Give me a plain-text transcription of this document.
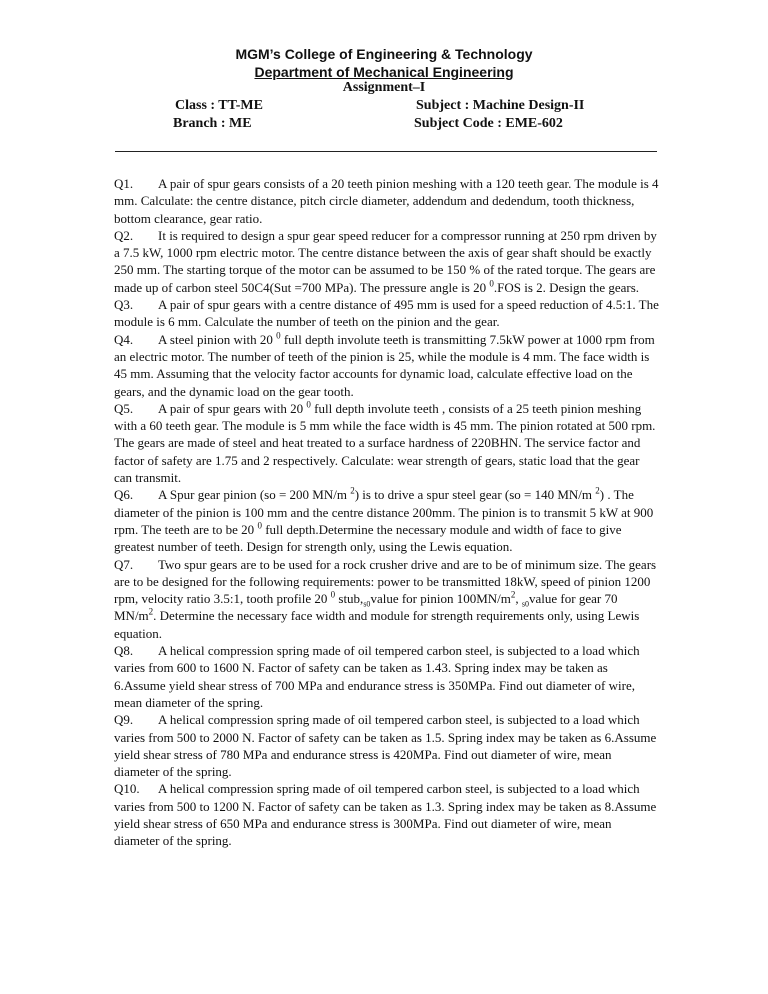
MGM’s College of Engineering & Technology
Department of Mechanical Engineering
Assignment–I
Class : TT-ME	Subject : Machine Design-II
Branch : ME	Subject Code : EME-602

Q1. A pair of spur gears consists of a 20 teeth pinion meshing with a 120 teeth gear. The module is 4 mm. Calculate: the centre distance, pitch circle diameter, addendum and dedendum, tooth thickness, bottom clearance, gear ratio.

Q2. It is required to design a spur gear speed reducer for a compressor running at 250 rpm driven by a 7.5 kW, 1000 rpm electric motor. The centre distance between the axis of gear shaft should be exactly 250 mm. The starting torque of the motor can be assumed to be 150 % of the rated torque. The gears are made up of carbon steel 50C4(Sut =700 MPa). The pressure angle is 20 $^0$.FOS is 2. Design the gears.

Q3. A pair of spur gears with a centre distance of 495 mm is used for a speed reduction of 4.5:1. The module is 6 mm. Calculate the number of teeth on the pinion and the gear.

Q4. A steel pinion with 20 $^0$ full depth involute teeth is transmitting 7.5kW power at 1000 rpm from an electric motor. The number of teeth of the pinion is 25, while the module is 4 mm. The face width is 45 mm. Assuming that the velocity factor accounts for dynamic load, calculate effective load on the gears, and the dynamic load on the gear tooth.

Q5. A pair of spur gears with 20 $^0$ full depth involute teeth , consists of a 25 teeth pinion meshing with a 60 teeth gear. The module is 5 mm while the face width is 45 mm. The pinion rotated at 500 rpm. The gears are made of steel and heat treated to a surface hardness of 220BHN. The service factor and factor of safety are 1.75 and 2 respectively. Calculate: wear strength of gears, static load that the gear can transmit.

Q6. A Spur gear pinion (so = 200 MN/m $^2$) is to drive a spur steel gear (so = 140 MN/m $^2$) . The diameter of the pinion is 100 mm and the centre distance 200mm. The pinion is to transmit 5 kW at 900 rpm. The teeth are to be 20 $^0$ full depth.Determine the necessary module and width of face to give greatest number of teeth. Design for strength only, using the Lewis equation.

Q7. Two spur gears are to be used for a rock crusher drive and are to be of minimum size. The gears are to be designed for the following requirements: power to be transmitted 18kW, speed of pinion 1200 rpm, velocity ratio 3.5:1, tooth profile 20 $^0$ $stub,_{s0}value$ for pinion $100MN/m^2$, $_{s0}$value for gear 70 $MN/m^2$. Determine the necessary face width and module for strength requirements only, using Lewis equation.

Q8. A helical compression spring made of oil tempered carbon steel, is subjected to a load which varies from 600 to 1600 N. Factor of safety can be taken as 1.43. Spring index may be taken as 6.Assume yield shear stress of 700 MPa and endurance stress is 350MPa. Find out diameter of wire, mean diameter of the spring.

Q9. A helical compression spring made of oil tempered carbon steel, is subjected to a load which varies from 500 to 2000 N. Factor of safety can be taken as 1.5. Spring index may be taken as 6.Assume yield shear stress of 780 MPa and endurance stress is 420MPa. Find out diameter of wire, mean diameter of the spring.

Q10. A helical compression spring made of oil tempered carbon steel, is subjected to a load which varies from 500 to 1200 N. Factor of safety can be taken as 1.3. Spring index may be taken as 8.Assume yield shear stress of 650 MPa and endurance stress is 300MPa. Find out diameter of wire, mean diameter of the spring.
